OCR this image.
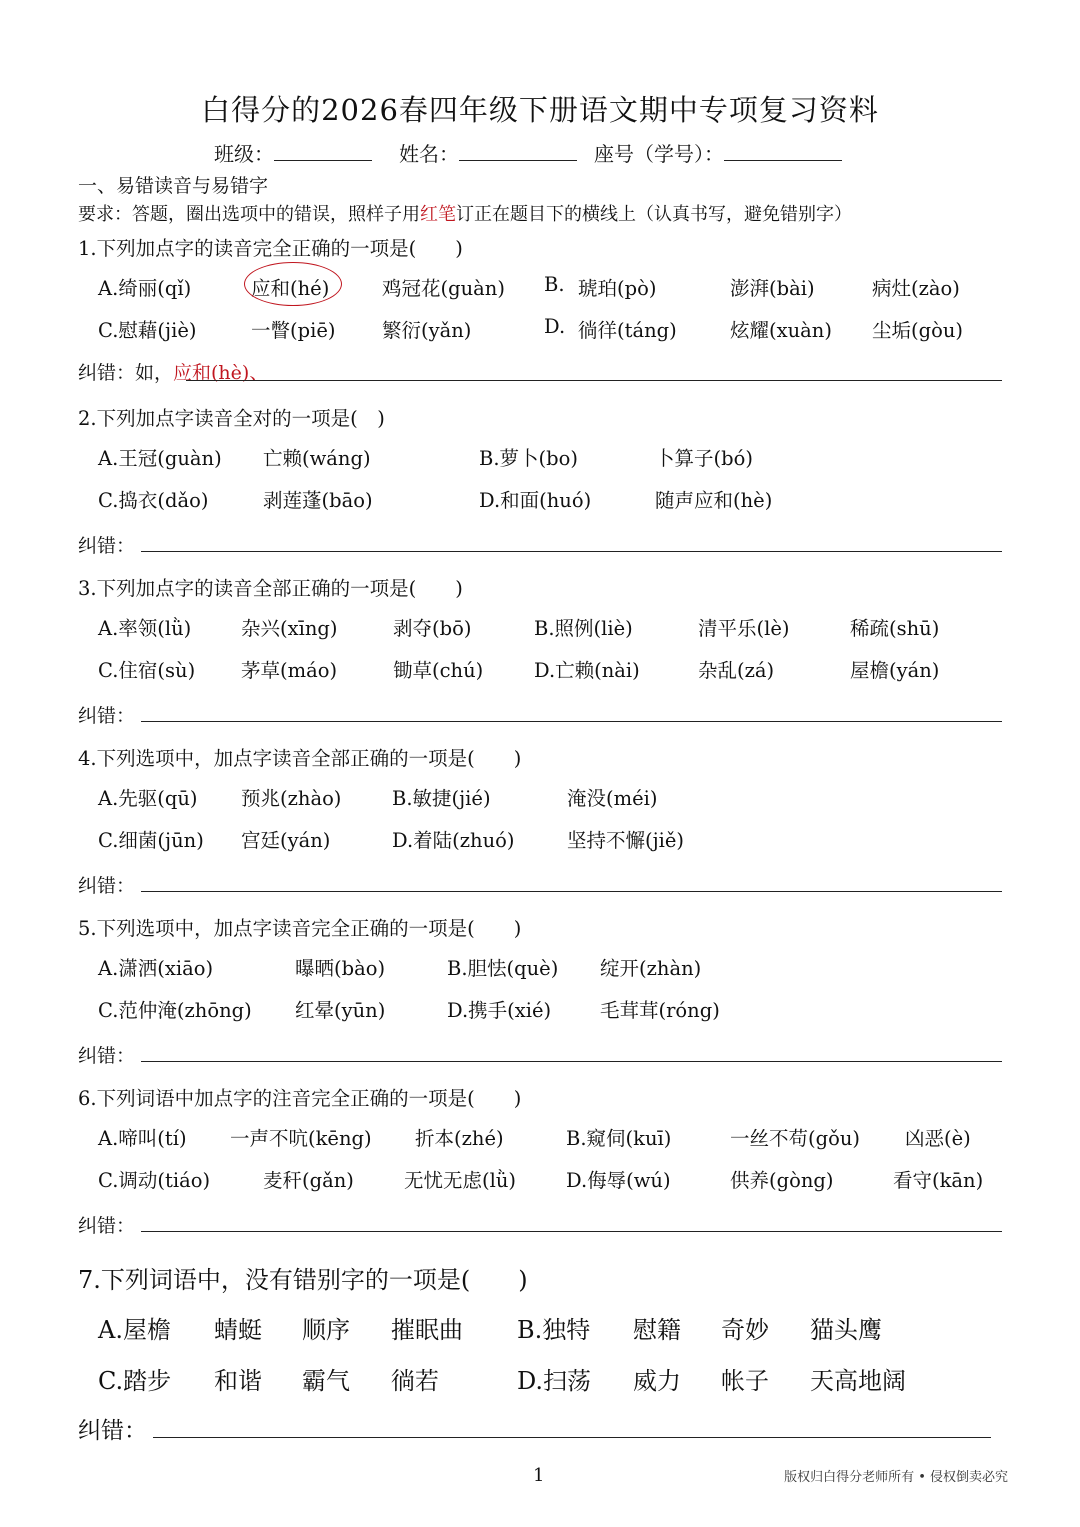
白得分的2026春四年级下册语文期中专项复习资料
班级：	姓名：	座号（学号）：
一、易错读音与易错字
要求：答题，圈出选项中的错误，照样子用红笔订正在题目下的横线上（认真书写，避免错别字）
1.下列加点字的读音完全正确的一项是(　　)
A.绮丽(qǐ)	应和(hé)	鸡冠花(guàn) B. 琥珀(pò)	澎湃(bài)	病灶(zào)
C.慰藉(jiè)	一瞥(piē) 繁衍(yǎn)	D. 徜徉(táng)	炫耀(xuàn) 尘垢(gòu)
纠错：如，应和(hè)、
2.下列加点字读音全对的一项是(　)
A.王冠(guàn) 亡赖(wáng)	B.萝卜(bo)	卜算子(bó)
C.捣衣(dǎo)	剥莲蓬(bāo)	D.和面(huó)	随声应和(hè)
纠错：
3.下列加点字的读音全部正确的一项是(　　)
A.率领(lǜ)	杂兴(xīng)	剥夺(bō)	B.照例(liè)	清平乐(lè)	稀疏(shū)
C.住宿(sù) 茅草(máo)	锄草(chú)	D.亡赖(nài)	杂乱(zá)	屋檐(yán)
纠错：
4.下列选项中，加点字读音全部正确的一项是(　　)
A.先驱(qū) 预兆(zhào)	B.敏捷(jié)	淹没(méi)
C.细菌(jūn) 宫廷(yán)	D.着陆(zhuó)	坚持不懈(jiě)
纠错：
5.下列选项中，加点字读音完全正确的一项是(　　)
A.潇洒(xiāo)	曝晒(bào)	B.胆怯(què) 绽开(zhàn)
C.范仲淹(zhōng) 红晕(yūn)	D.携手(xié)	毛茸茸(róng)
纠错：
6.下列词语中加点字的注音完全正确的一项是(　　)
A.啼叫(tí) 一声不吭(kēng) 折本(zhé)	B.窥伺(kuī)	一丝不苟(gǒu) 凶恶(è)
C.调动(tiáo)	麦秆(gǎn)	无忧无虑(lǜ)	D.侮辱(wú)	供养(gòng)	看守(kān)
纠错：
7.下列词语中，没有错别字的一项是(　　)
A.屋檐 蜻蜓 顺序 摧眠曲 B.独特 慰籍 奇妙 猫头鹰
C.踏步 和谐 霸气 徜若	D.扫荡 威力 帐子 天高地阔
纠错：
1	版权归白得分老师所有 • 侵权倒卖必究
